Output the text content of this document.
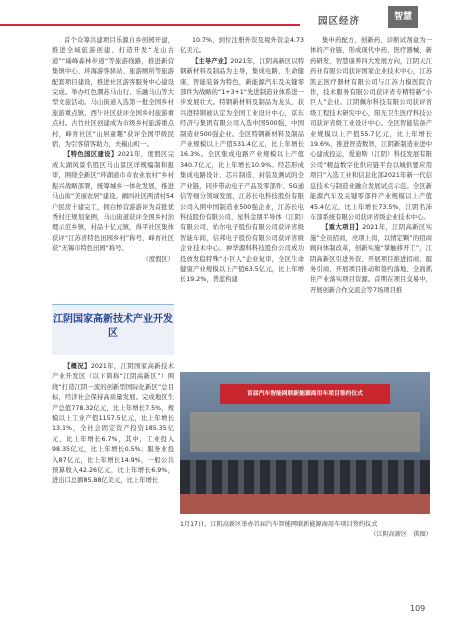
园区经济	智慧

首个众筹共建项目乐源自乡创园开建，推进全域旅游创建、打造开发“龙山古道”“瑞峰森林步道”等旅游线路，推进新营集镇中心、环海游客驿站、旅游厕所等旅游配套项目建设，推进社区游客服务中心建设完成。举办红色潮苏马山行、乐融马山等大型文旅活动。马山街道入选第一批全国乡村旅游重点镇，西午社区获评全国乡村旅游重点村。古竹社区创建成为市级乡村旅游重点村，峰育社区“山居童趣”获评全国甲级民宿，为引客留客助力，夫椒山町一。

【特色国区建设】2021年，度假区完成太湖风景名胜区马山景区详规编制和报审，围绕全新区“环湖道市市农业农村”乡村振兴战略部署，统筹城乡一体化发展，推进马山街“美丽农居”建设。阚四社区两清村54户民房十建完工，拥白桥营游游评为首批优秀村庄规划案例，马山街道获评全国乡村治理示范乡镇，村品十亿元镇，得平社区集体获评“江苏省特色田园乡村”称号，峰育社区获“无锡市特色田园”称号。

（度假区）

江阴国家高新技术产业开发区

【概况】2021年，江阴国家高新技术产业开发区（以下简称“江阴高新区”）围绕“打造江阴一流的创新型国际化新区”总目标，经济社会保持高质量发展。完成地区生产总值778.32亿元，比上年增长7.5%，规模以上工业产值1157.5亿元，比上年增长13.1%，全社会固定资产投资185.35亿元，比上年增长6.7%，其中，工业投入98.35亿元，比上年增长0.5%；服务业投入87亿元，比上年增长14.9%，一般公共预算收入42.26亿元，比上年增长6.9%，进出口总额85.88亿美元，比上年增长

10.7%，到位注册外资及境外资金4.73亿美元。

【主导产业】2021年，江阴高新区以特钢新材料及制品为主导，集成电路、生命健康、智能装备为特色，新能源汽车及关键零部件为战略的“1+3+1”先进制造业体系进一步发展壮大。特钢新材料及制品为龙头，获兴澄特钢被认定为全国工业设计中心，京东经济与集团有限公司入选中国500强，中国制造业500强企业。全区特钢新材料及制品产业规模以上产值531.4亿元，比上年增长16.3%。全区集成电路产业规模以上产值340.7亿元，比上年增长10.9%。经芯形成集成电路设计、芯片制造、封装及测试的全产业链，同步带动电子产品及零部件、5G通信等细分领域发展，江苏长电科技股份有限公司入围中国制造业500强企业，江苏长电科技股份有限公司、星科金朋半导体（江阴）有限公司、佑尔电子股份有限公司获评省级智能车间，信邦电子股份有限公司获评省级企业技术中心。神华源科科技股份公司成功投放发稳特殊“小巨人”企业复审，全区生命健康产业规模以上产值63.5亿元，比上年增长19.2%，普蓝构建

集申药配方、创新药、诊断试剂盒为一体的产业链，形成现代中药、医疗器械、新药研发、智慧康养四大发展方向，江阴天江药业有限公司获评国家企业技术中心，江苏凯正医疗器材有限公司与江苏力模医院合作，技术服务有限公司获评省专精特新“小巨人”企业。江阴佩尔科技有限公司获评省级工程技术研究中心，阳光卫生医疗科技公司获评省级工业设计中心。全区智能装备产业规模以上产值55.7亿元，比上年增长19.6%，推进智造数智，江阴新制造业进中心建成投运，爱迪斯（江阴）科技发展有限公司“精益数字化供应链平台以城供要应用项目”入选工业和信息化部2021年新一代信息技术与制造业融合发展试点示范。全区新能源汽车及关键零部件产业规模以上产值45.4亿元，比上年增长73.5%，江阴名沛车部系统有限公司获评省级企业技术中心。

【重大项目】2021年，江阴高新区实施“全员招商，亮项上岗，以情定颗”的招商顾问体制改革，创新实施“掌触移开工”，江阴高新区引进外资、开展项目推进招商、服务引商、开展项目推动和签约落地、全面抓住产业落实项目资源。首期在项目交易中，开展创新合作交流会等7场项目推

首届汽车智能网联新能源商用车项目签约仪式
1月17日，江阴高新区举办首届汽车智能网联新能源商用车项目签约仪式
（江阴高新区　供图）
109
